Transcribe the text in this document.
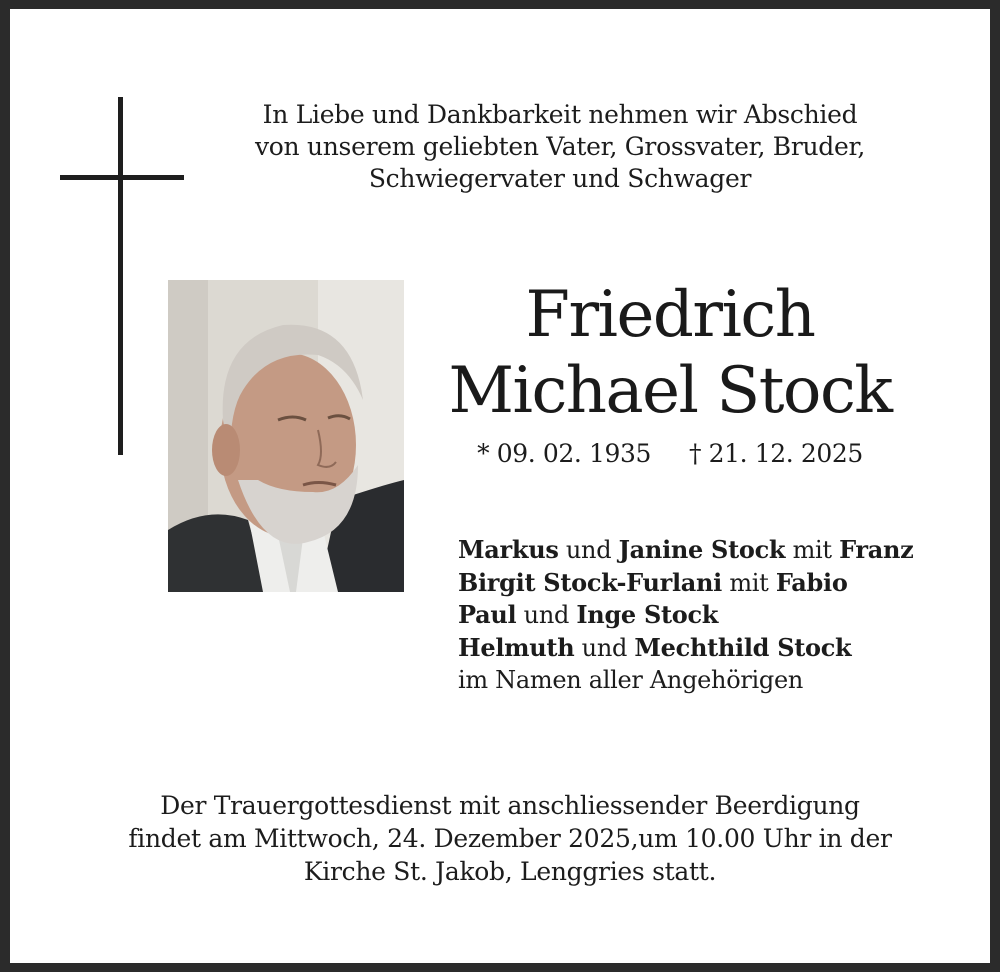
In Liebe und Dankbarkeit nehmen wir Abschied
von unserem geliebten Vater, Grossvater, Bruder,
Schwiegervater und Schwager
Friedrich
Michael Stock
* 09. 02. 1935 † 21. 12. 2025
Markus und Janine Stock mit Franz
Birgit Stock-Furlani mit Fabio
Paul und Inge Stock
Helmuth und Mechthild Stock
im Namen aller Angehörigen
Der Trauergottesdienst mit anschliessender Beerdigung
findet am Mittwoch, 24. Dezember 2025,um 10.00 Uhr in der
Kirche St. Jakob, Lenggries statt.
